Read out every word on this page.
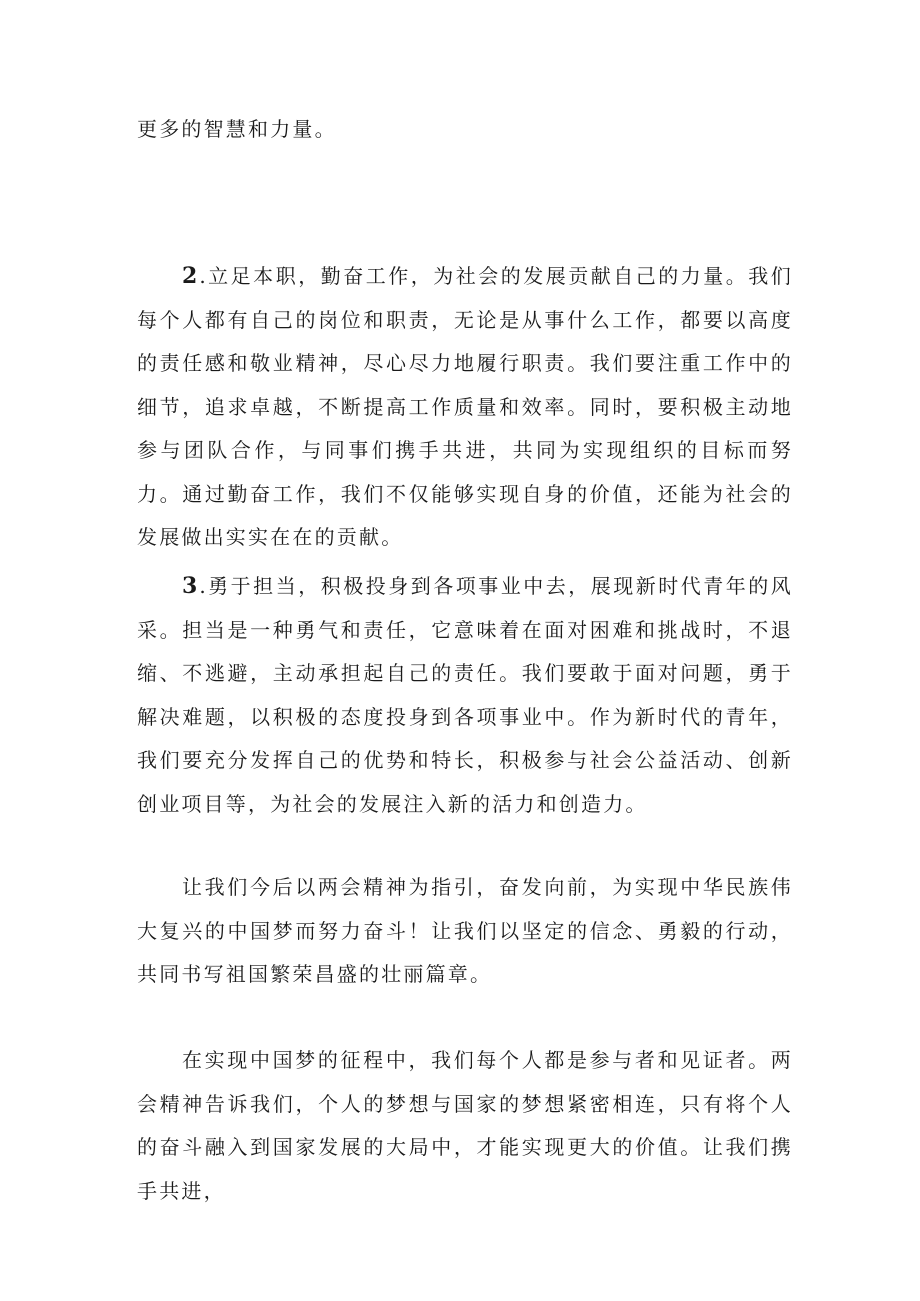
更多的智慧和力量。

2 .立足本职，勤奋工作，为社会的发展贡献自己的力量。我们每个人都有自己的岗位和职责，无论是从事什么工作，都要以高度的责任感和敬业精神，尽心尽力地履行职责。我们要注重工作中的细节，追求卓越，不断提高工作质量和效率。同时，要积极主动地参与团队合作，与同事们携手共进，共同为实现组织的目标而努力。通过勤奋工作，我们不仅能够实现自身的价值，还能为社会的发展做出实实在在的贡献。

3 .勇于担当，积极投身到各项事业中去，展现新时代青年的风采。担当是一种勇气和责任，它意味着在面对困难和挑战时，不退缩、不逃避，主动承担起自己的责任。我们要敢于面对问题，勇于解决难题，以积极的态度投身到各项事业中。作为新时代的青年，我们要充分发挥自己的优势和特长，积极参与社会公益活动、创新创业项目等，为社会的发展注入新的活力和创造力。

让我们今后以两会精神为指引，奋发向前，为实现中华民族伟大复兴的中国梦而努力奋斗！让我们以坚定的信念、勇毅的行动，共同书写祖国繁荣昌盛的壮丽篇章。

在实现中国梦的征程中，我们每个人都是参与者和见证者。两会精神告诉我们，个人的梦想与国家的梦想紧密相连，只有将个人的奋斗融入到国家发展的大局中，才能实现更大的价值。让我们携手共进，
